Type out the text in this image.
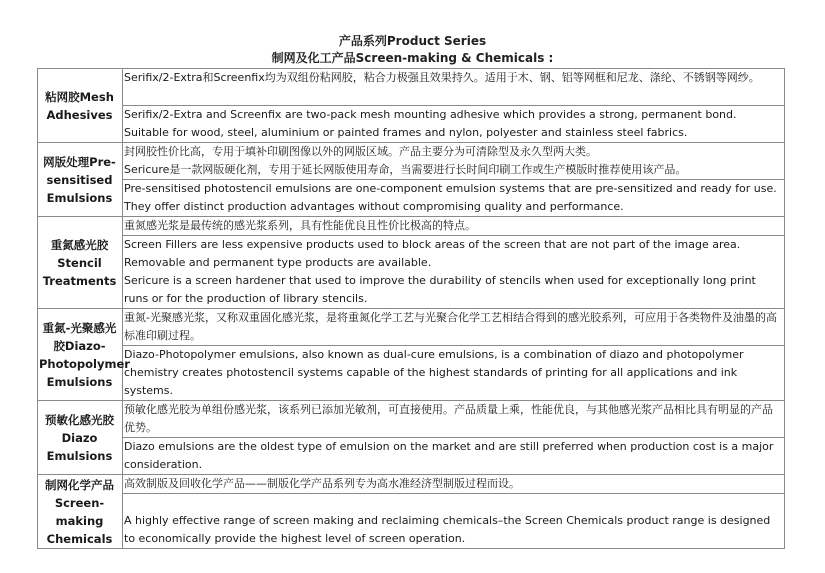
产品系列Product Series
制网及化工产品Screen-making & Chemicals :
粘网胶Mesh Adhesives	Serifix/2-Extra和Screenfix均为双组份粘网胶，粘合力极强且效果持久。适用于木、钢、铝等网框和尼龙、涤纶、不锈钢等网纱。

	Serifix/2-Extra and Screenfix are two-pack mesh mounting adhesive which provides a strong, permanent bond. Suitable for wood, steel, aluminium or painted frames and nylon, polyester and stainless steel fabrics.

网版处理Pre-sensitised Emulsions	封网胶性价比高，专用于填补印刷图像以外的网版区域。产品主要分为可清除型及永久型两大类。
Sericure是一款网版硬化剂，专用于延长网版使用寿命，当需要进行长时间印刷工作或生产模版时推荐使用该产品。

	Pre-sensitised photostencil emulsions are one-component emulsion systems that are pre-sensitized and ready for use. They offer distinct production advantages without compromising quality and performance.

重氮感光胶Stencil Treatments	重氮感光浆是最传统的感光浆系列，具有性能优良且性价比极高的特点。

	Screen Fillers are less expensive products used to block areas of the screen that are not part of the image area. Removable and permanent type products are available.
Sericure is a screen hardener that used to improve the durability of stencils when used for exceptionally long print runs or for the production of library stencils.

重氮-光聚感光胶Diazo-Photopolymer Emulsions	重氮-光聚感光浆，又称双重固化感光浆，是将重氮化学工艺与光聚合化学工艺相结合得到的感光胶系列，可应用于各类物件及油墨的高标准印刷过程。

	Diazo-Photopolymer emulsions, also known as dual-cure emulsions, is a combination of diazo and photopolymer chemistry creates photostencil systems capable of the highest standards of printing for all applications and ink systems.

预敏化感光胶Diazo Emulsions	预敏化感光胶为单组份感光浆，该系列已添加光敏剂，可直接使用。产品质量上乘，性能优良，与其他感光浆产品相比具有明显的产品优势。

	Diazo emulsions are the oldest type of emulsion on the market and are still preferred when production cost is a major consideration.

制网化学产品Screen-making Chemicals	高效制版及回收化学产品——制版化学产品系列专为高水准经济型制版过程而设。

	A highly effective range of screen making and reclaiming chemicals–the Screen Chemicals product range is designed to economically provide the highest level of screen operation.
